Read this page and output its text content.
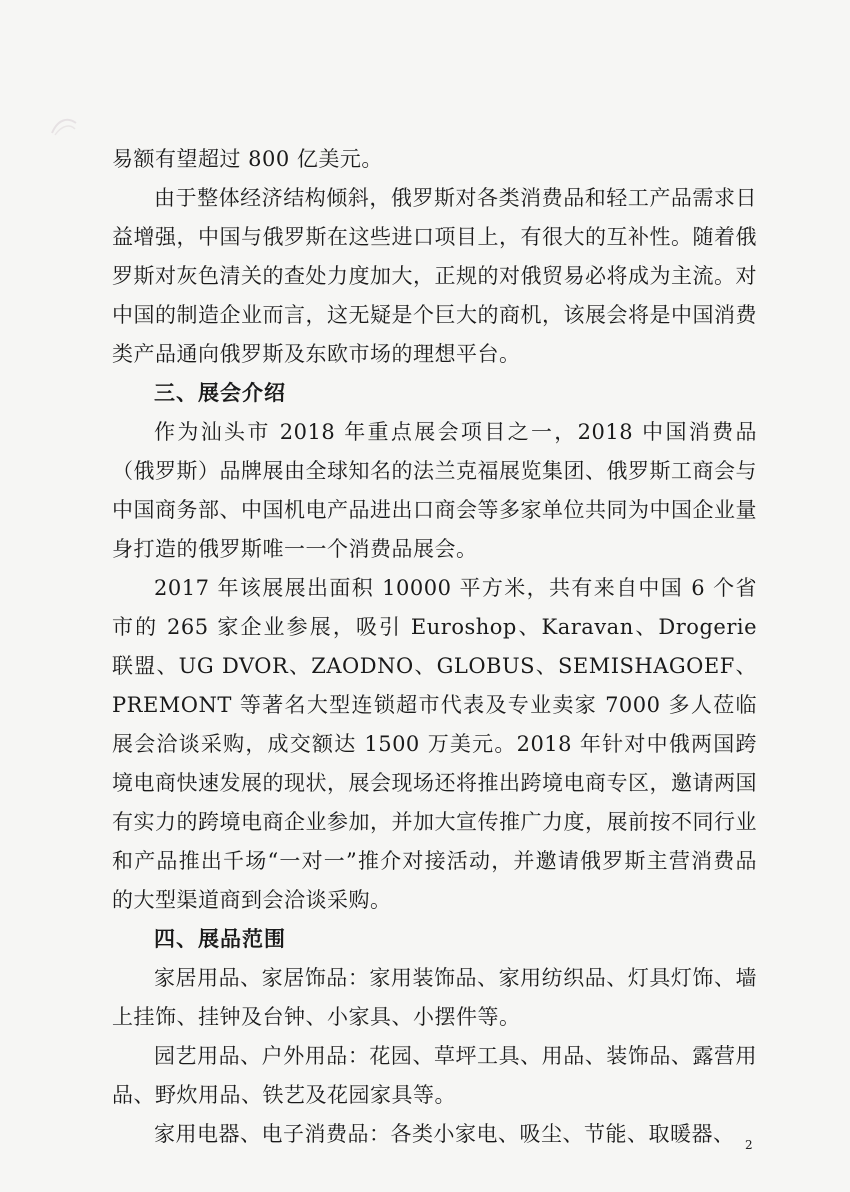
易额有望超过 800 亿美元。

由于整体经济结构倾斜，俄罗斯对各类消费品和轻工产品需求日益增强，中国与俄罗斯在这些进口项目上，有很大的互补性。随着俄罗斯对灰色清关的查处力度加大，正规的对俄贸易必将成为主流。对中国的制造企业而言，这无疑是个巨大的商机，该展会将是中国消费类产品通向俄罗斯及东欧市场的理想平台。

三、展会介绍

作为汕头市 2018 年重点展会项目之一，2018 中国消费品（俄罗斯）品牌展由全球知名的法兰克福展览集团、俄罗斯工商会与中国商务部、中国机电产品进出口商会等多家单位共同为中国企业量身打造的俄罗斯唯一一个消费品展会。

2017 年该展展出面积 10000 平方米，共有来自中国 6 个省市的 265 家企业参展，吸引 Euroshop、Karavan、Drogerie 联盟、UG DVOR、ZAODNO、GLOBUS、SEMISHAGOEF、PREMONT 等著名大型连锁超市代表及专业卖家 7000 多人莅临展会洽谈采购，成交额达 1500 万美元。2018 年针对中俄两国跨境电商快速发展的现状，展会现场还将推出跨境电商专区，邀请两国有实力的跨境电商企业参加，并加大宣传推广力度，展前按不同行业和产品推出千场“一对一”推介对接活动，并邀请俄罗斯主营消费品的大型渠道商到会洽谈采购。

四、展品范围

家居用品、家居饰品：家用装饰品、家用纺织品、灯具灯饰、墙上挂饰、挂钟及台钟、小家具、小摆件等。

园艺用品、户外用品：花园、草坪工具、用品、装饰品、露营用品、野炊用品、铁艺及花园家具等。

家用电器、电子消费品：各类小家电、吸尘、节能、取暖器、 2
